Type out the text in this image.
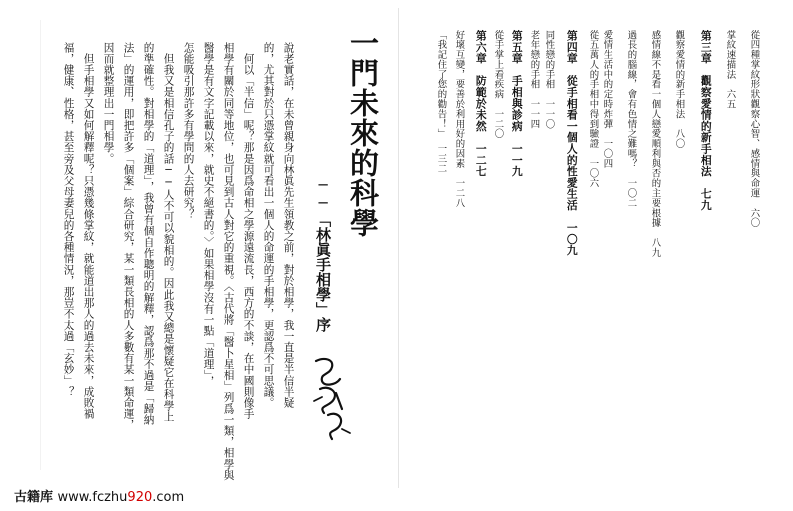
從四種掌紋形狀觀察心智、感情與命運　六〇
掌紋速描法　六五
第三章　觀察愛情的新手相法　七九
觀察愛情的新手相法　八〇
感情線不是看一個人戀愛順利與否的主要根據　八九
過長的腦線，會有色情之難嗎？　一〇二
愛情生活中的定時炸彈　一〇四
從五萬人的手相中得到驗證　一〇六
第四章　從手相看一個人的性愛生活　一〇九
同性戀的手相　一一〇
老年戀的手相　一一四
第五章　手相與診病　一一九
從手掌上看疾病　一二〇
第六章　防範於未然　一二七
好壞互變，要善於利用好的因素　一二八
「我記住了您的勸告！」　一三二
一門未來的科學
──「林眞手相學」序
說老實話，在未曾親身向林眞先生領教之前，對於相學，我一直是半信半疑
的，尤其對於只憑掌紋就可看出一個人的命運的手相學，更認爲不可思議。
　何以「半信」呢？那是因爲命相之學源遠流長，西方的不談，在中國則像手
相學有關於同等地位，也可見到古人對它的重視。〈古代將「醫卜星相」列爲一類，相學與
醫學是有文字記載以來，就史不絕書的。〉如果相學沒有一點「道理」，
怎能吸引那許多有學問的人去研究？
　但我又是相信孔子的話──人不可以貌相的。因此我又總是懷疑它在科學上
的準確性。對相學的「道理」，我曾有個自作聰明的解釋，認爲那不過是「歸納
法」的運用，即把許多「個案」綜合研究，某一類長相的人多數有某一類命運，
因而就整理出一門相學。
　但手相學又如何解釋呢？只憑幾條掌紋，就能道出那人的過去未來，成敗禍
福，健康、性格，甚至旁及父母妻兒的各種情況，那豈不太過「玄妙」？
古籍库 www.fczhu920.com
